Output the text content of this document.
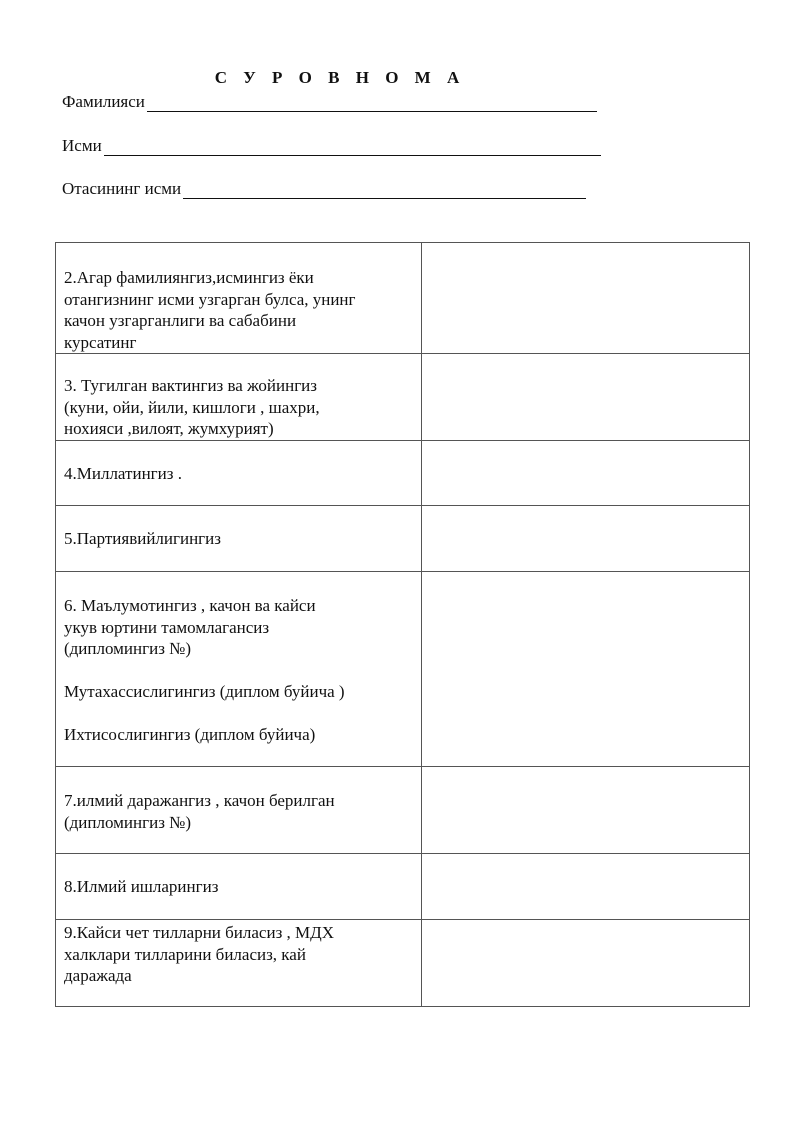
С У Р О В Н О М А
Фамилияси
Исми
Отасининг исми
2.Агар фамилиянгиз,исмингиз ёки
отангизнинг исми узгарган булса, унинг
качон узгарганлиги ва сабабини
курсатинг	

3. Тугилган вактингиз ва жойингиз
(куни, ойи, йили, кишлоги , шахри,
нохияси ,вилоят, жумхурият)	

4.Миллатингиз .	

5.Партиявийлигингиз	

6. Маълумотингиз , качон ва кайси
укув юртини тамомлагансиз
(дипломингиз №)

Мутахассислигингиз (диплом буйича )

Ихтисослигингиз (диплом буйича)	

7.илмий даражангиз , качон берилган
(дипломингиз №)	

8.Илмий ишларингиз	

9.Кайси чет тилларни биласиз , МДХ
халклари тилларини биласиз, кай
даражада	
